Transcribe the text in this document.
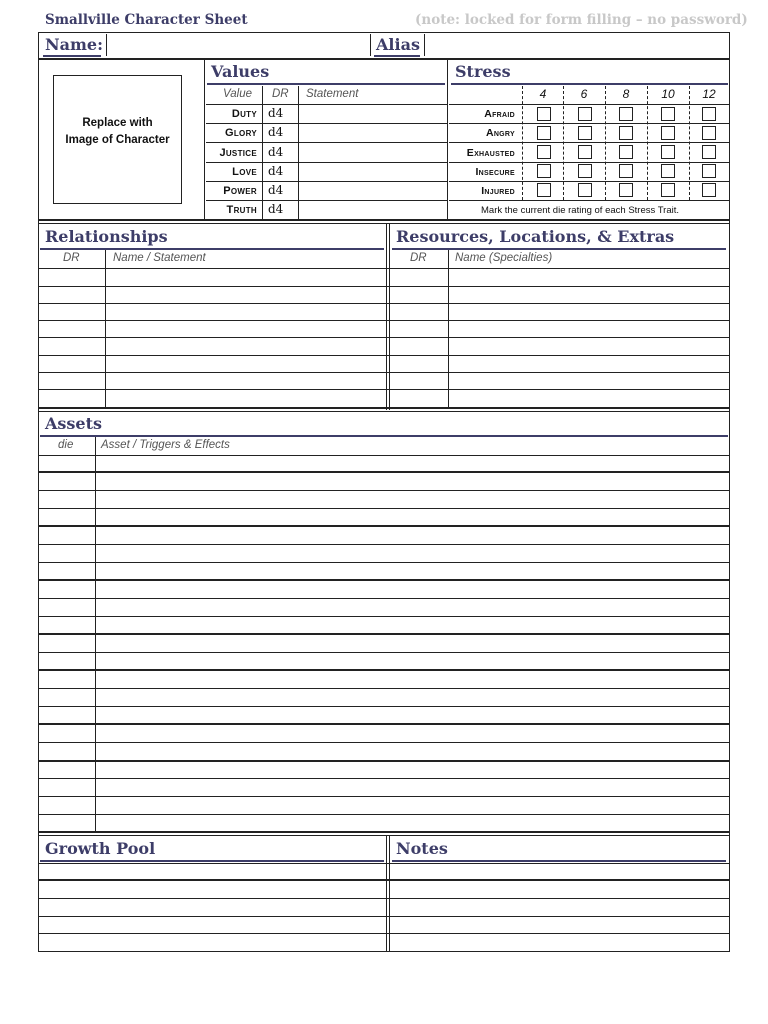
Smallville Character Sheet	(note: locked for form filling – no password)
Name:	Alias
Replace with
Image of Character
Values
Value DR Statement
Duty d4
Glory d4
Justice d4
Love d4
Power d4
Truth d4
Stress
4	6	8	10	12
Afraid
Angry
Exhausted
Insecure
Injured
Mark the current die rating of each Stress Trait.
Relationships	Resources, Locations, & Extras
DR	Name / Statement	DR Name (Specialties)
Assets
die Asset / Triggers & Effects
Growth Pool	Notes
